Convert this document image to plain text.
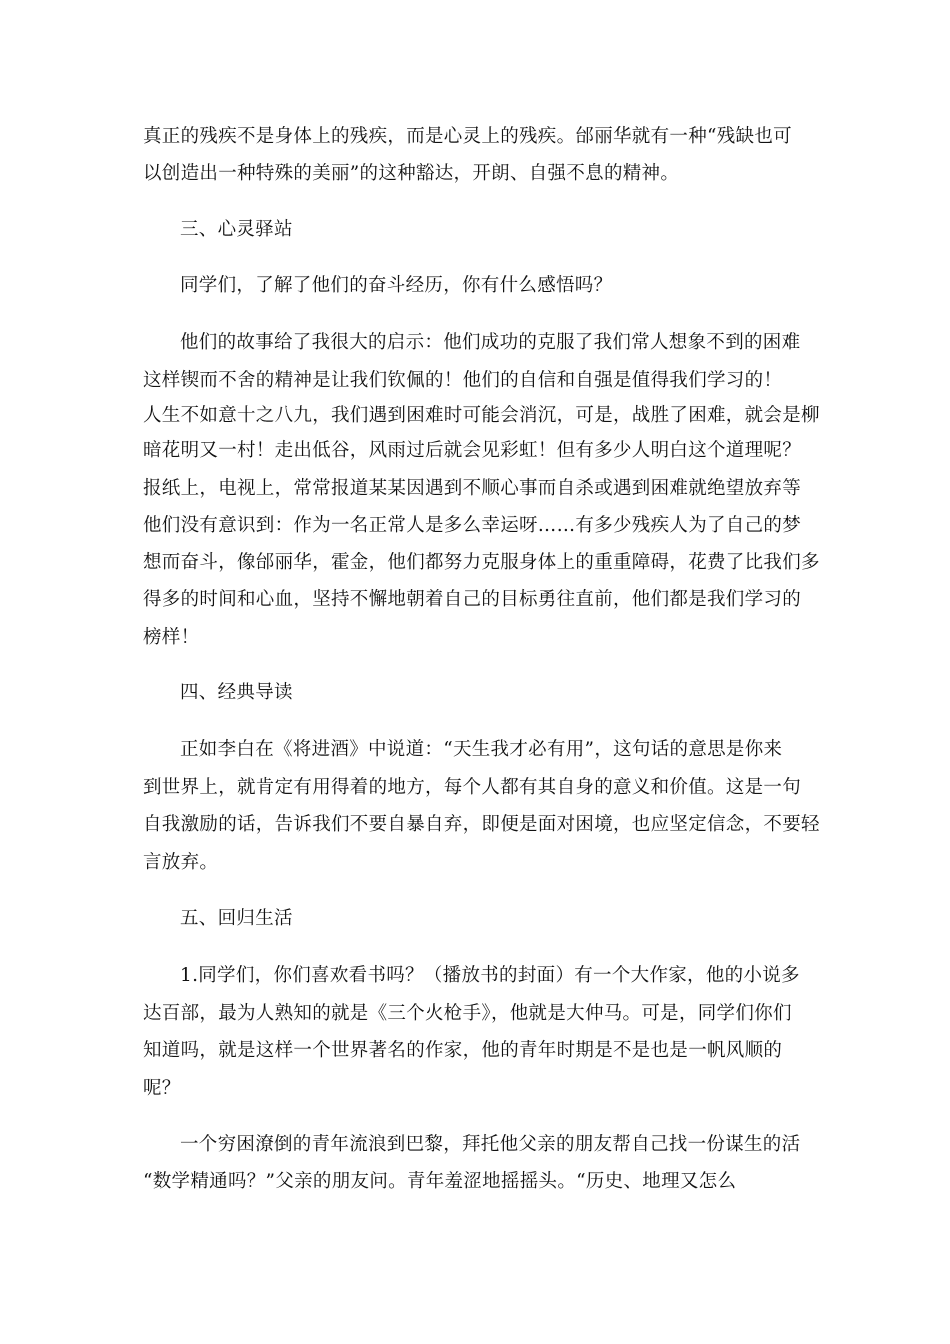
真正的残疾不是身体上的残疾，而是心灵上的残疾。邰丽华就有一种“残缺也可
以创造出一种特殊的美丽”的这种豁达，开朗、自强不息的精神。
三、心灵驿站
同学们，了解了他们的奋斗经历，你有什么感悟吗？
他们的故事给了我很大的启示：他们成功的克服了我们常人想象不到的困难
这样锲而不舍的精神是让我们钦佩的！他们的自信和自强是值得我们学习的！
人生不如意十之八九，我们遇到困难时可能会消沉，可是，战胜了困难，就会是柳
暗花明又一村！走出低谷，风雨过后就会见彩虹！但有多少人明白这个道理呢？
报纸上，电视上，常常报道某某因遇到不顺心事而自杀或遇到困难就绝望放弃等
他们没有意识到：作为一名正常人是多么幸运呀……有多少残疾人为了自己的梦
想而奋斗，像邰丽华，霍金，他们都努力克服身体上的重重障碍，花费了比我们多
得多的时间和心血，坚持不懈地朝着自己的目标勇往直前，他们都是我们学习的
榜样！
四、经典导读
正如李白在《将进酒》中说道：“天生我才必有用”，这句话的意思是你来
到世界上，就肯定有用得着的地方，每个人都有其自身的意义和价值。这是一句
自我激励的话，告诉我们不要自暴自弃，即便是面对困境，也应坚定信念，不要轻
言放弃。
五、回归生活
1.同学们，你们喜欢看书吗？（播放书的封面）有一个大作家，他的小说多
达百部，最为人熟知的就是《三个火枪手》，他就是大仲马。可是，同学们你们
知道吗，就是这样一个世界著名的作家，他的青年时期是不是也是一帆风顺的
呢？
一个穷困潦倒的青年流浪到巴黎，拜托他父亲的朋友帮自己找一份谋生的活
“数学精通吗？”父亲的朋友问。青年羞涩地摇摇头。“历史、地理又怎么
